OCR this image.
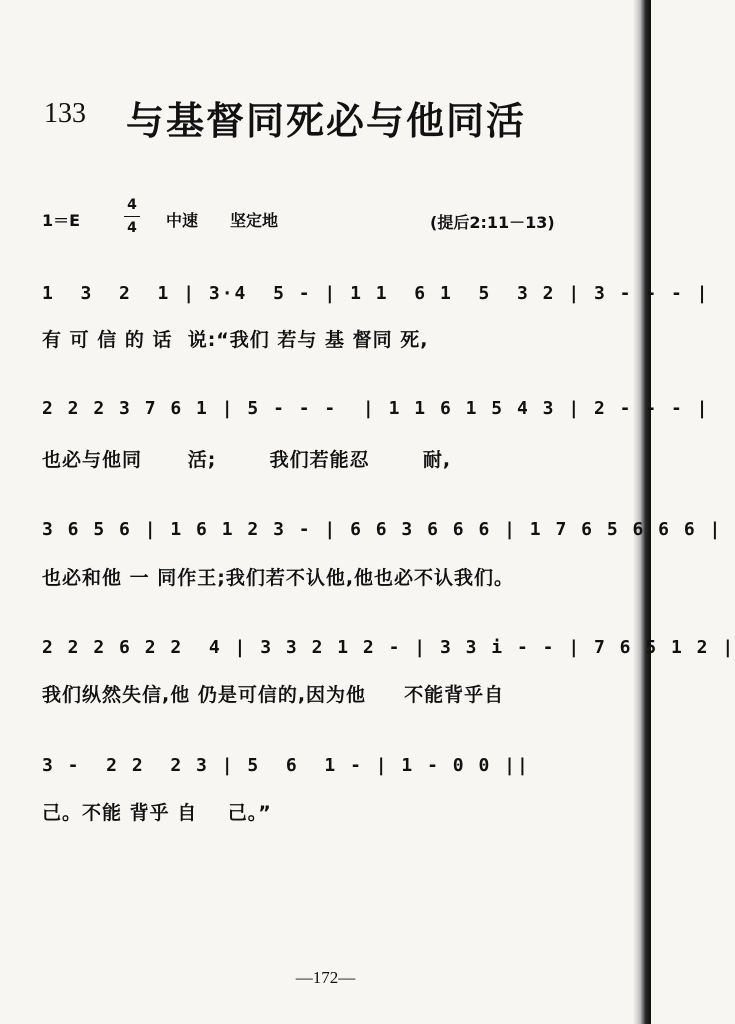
133 与基督同死必与他同活
1＝E
4
4 中速 坚定地	(提后2:11－13)
1  3  2  1 | 3·4  5 - | 1 1  6 1  5  3 2 | 3 - - - |
有 可 信 的 话  说:“我们 若与 基 督同 死,
2 2 2 3 7 6 1 | 5 - - -  | 1 1 6 1 5 4 3 | 2 - - - |
也必与他同      活;       我们若能忍       耐,
3 6 5 6 | 1 6 1 2 3 - | 6 6 3 6 6 6 | 1 7 6 5 6 6 6 |
也必和他 一 同作王;我们若不认他,他也必不认我们。
2 2 2 6 2 2  4 | 3 3 2 1 2 - | 3 3 i - - | 7 6 5 1 2 |
我们纵然失信,他 仍是可信的,因为他     不能背乎自
3 -  2 2  2 3 | 5  6  1 - | 1 - 0 0 ||
己。不能 背乎 自    己。”
—172—
